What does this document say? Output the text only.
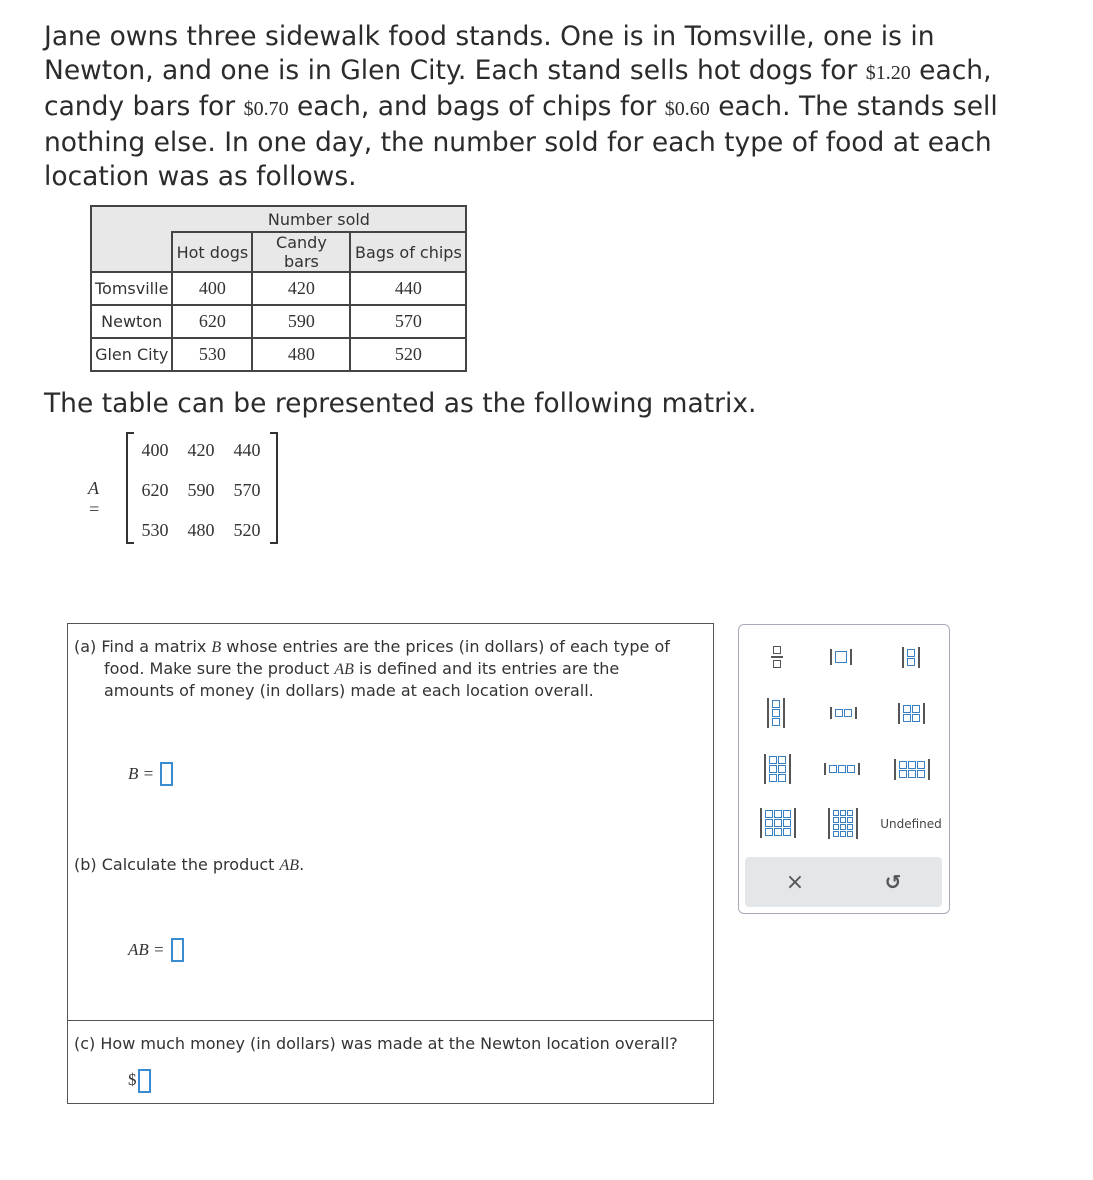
Jane owns three sidewalk food stands. One is in Tomsville, one is in Newton, and one is in Glen City. Each stand sells hot dogs for $1.20 each, candy bars for $0.70 each, and bags of chips for $0.60 each. The stands sell nothing else. In one day, the number sold for each type of food at each location was as follows.
	Number sold		
	Hot dogs	Candy bars	Bags of chips
Tomsville	400	420	440
Newton	620	590	570
Glen City	530	480	520
The table can be represented as the following matrix.
A =
400 420 440
620 590 570
530 480 520
(a) Find a matrix B whose entries are the prices (in dollars) of each type of
food. Make sure the product AB is defined and its entries are the
amounts of money (in dollars) made at each location overall.
B =
(b) Calculate the product AB.
AB =
(c) How much money (in dollars) was made at the Newton location overall?
$
Undefined
×	↺
